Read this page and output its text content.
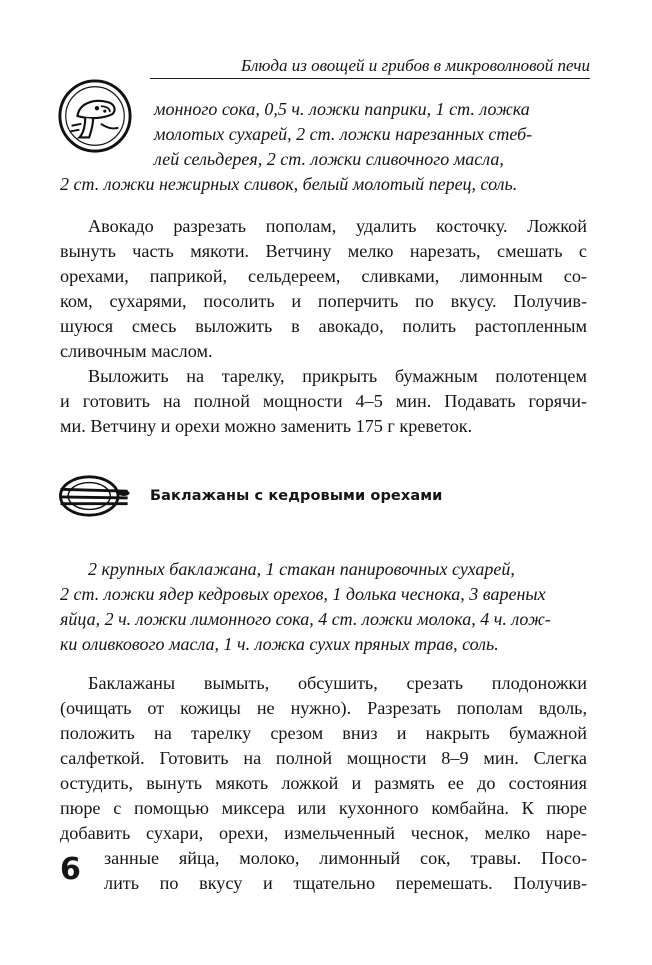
Блюда из овощей и грибов в микроволновой печи
монного сока, 0,5 ч. ложки паприки, 1 ст. ложка
молотых сухарей, 2 ст. ложки нарезанных стеб-
лей сельдерея, 2 ст. ложки сливочного масла,
2 ст. ложки нежирных сливок, белый молотый перец, соль.
Авокадо разрезать пополам, удалить косточку. Ложкой
вынуть часть мякоти. Ветчину мелко нарезать, смешать с
орехами, паприкой, сельдереем, сливками, лимонным со-
ком, сухарями, посолить и поперчить по вкусу. Получив-
шуюся смесь выложить в авокадо, полить растопленным
сливочным маслом.
Выложить на тарелку, прикрыть бумажным полотенцем
и готовить на полной мощности 4–5 мин. Подавать горячи-
ми. Ветчину и орехи можно заменить 175 г креветок.
Баклажаны с кедровыми орехами
2 крупных баклажана, 1 стакан панировочных сухарей,
2 ст. ложки ядер кедровых орехов, 1 долька чеснока, 3 вареных
яйца, 2 ч. ложки лимонного сока, 4 ст. ложки молока, 4 ч. лож-
ки оливкового масла, 1 ч. ложка сухих пряных трав, соль.
Баклажаны вымыть, обсушить, срезать плодоножки
(очищать от кожицы не нужно). Разрезать пополам вдоль,
положить на тарелку срезом вниз и накрыть бумажной
салфеткой. Готовить на полной мощности 8–9 мин. Слегка
остудить, вынуть мякоть ложкой и размять ее до состояния
пюре с помощью миксера или кухонного комбайна. К пюре
добавить сухари, орехи, измельченный чеснок, мелко наре-
занные яйца, молоко, лимонный сок, травы. Посо-
лить по вкусу и тщательно перемешать. Получив-
6
